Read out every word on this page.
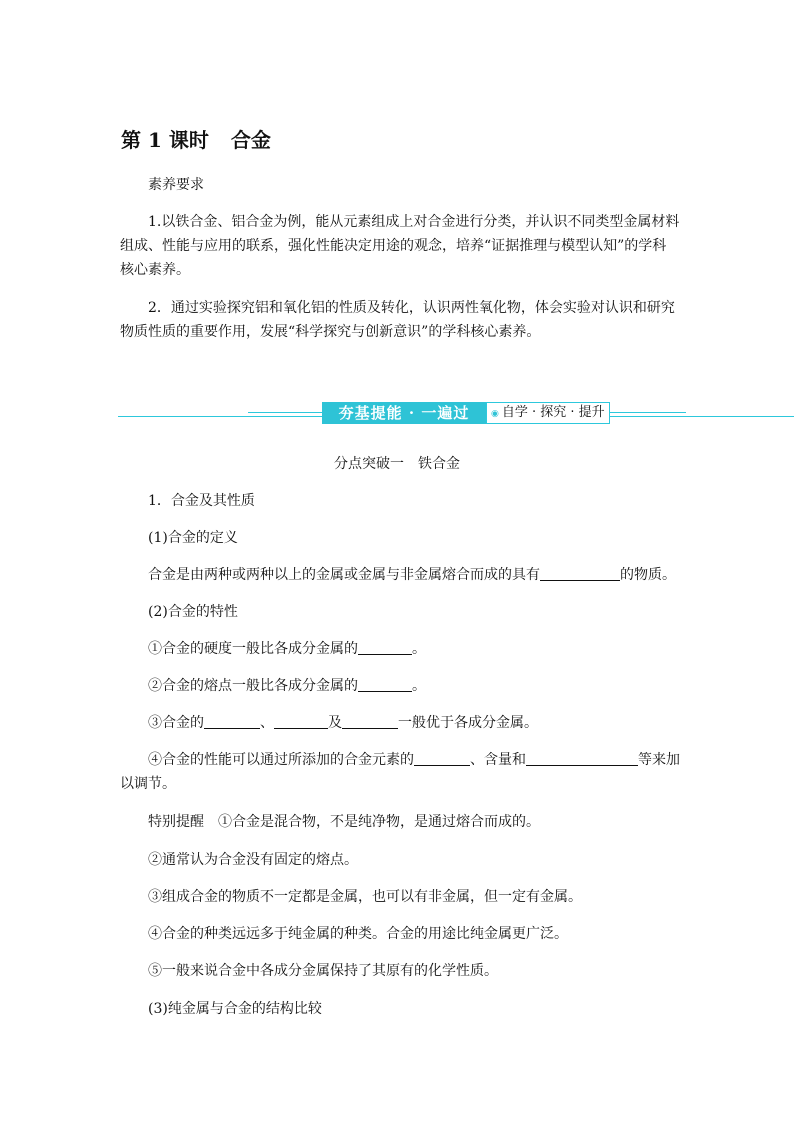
第 1 课时 合金
素养要求
1.以铁合金、铝合金为例，能从元素组成上对合金进行分类，并认识不同类型金属材料组成、性能与应用的联系，强化性能决定用途的观念，培养“证据推理与模型认知”的学科核心素养。
2．通过实验探究铝和氧化铝的性质及转化，认识两性氧化物，体会实验对认识和研究物质性质的重要作用，发展“科学探究与创新意识”的学科核心素养。
夯基提能 · 一遍过	◉ 自学 · 探究 · 提升
分点突破一　铁合金
1．合金及其性质
(1)合金的定义
合金是由两种或两种以上的金属或金属与非金属熔合而成的具有	的物质。
(2)合金的特性
①合金的硬度一般比各成分金属的	。
②合金的熔点一般比各成分金属的	。
③合金的	、	及	一般优于各成分金属。
④合金的性能可以通过所添加的合金元素的	、含量和	等来加
以调节。
特别提醒　 ①合金是混合物，不是纯净物，是通过熔合而成的。
②通常认为合金没有固定的熔点。
③组成合金的物质不一定都是金属，也可以有非金属，但一定有金属。
④合金的种类远远多于纯金属的种类。合金的用途比纯金属更广泛。
⑤一般来说合金中各成分金属保持了其原有的化学性质。
(3)纯金属与合金的结构比较
